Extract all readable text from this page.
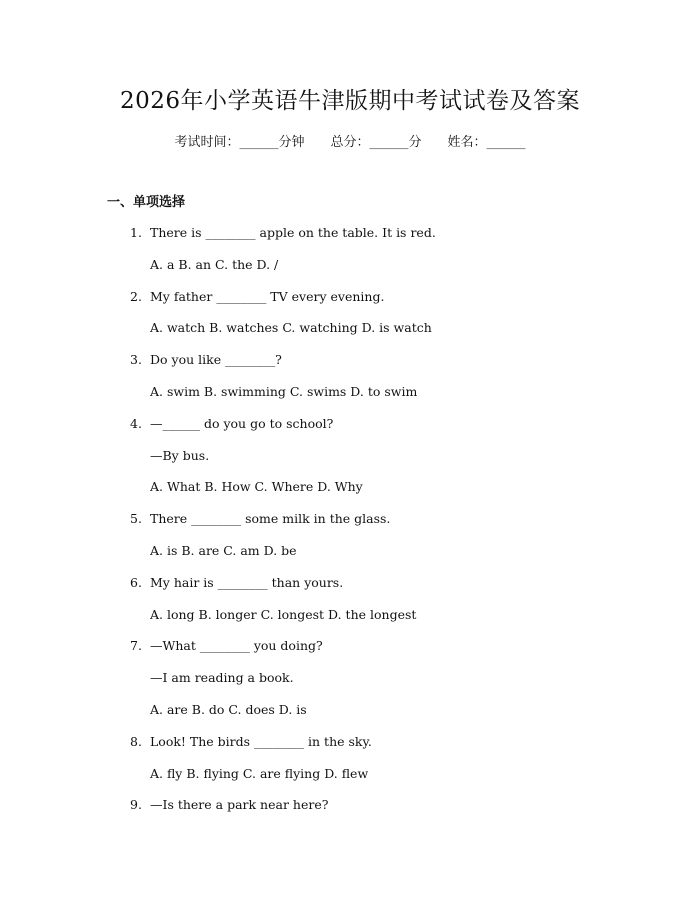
2026年小学英语牛津版期中考试试卷及答案
考试时间：______分钟 总分：______分 姓名：______
一、单项选择
1. There is ________ apple on the table. It is red.
A. a B. an C. the D. /
2. My father ________ TV every evening.
A. watch B. watches C. watching D. is watch
3. Do you like ________?
A. swim B. swimming C. swims D. to swim
4. —______ do you go to school?
—By bus.
A. What B. How C. Where D. Why
5. There ________ some milk in the glass.
A. is B. are C. am D. be
6. My hair is ________ than yours.
A. long B. longer C. longest D. the longest
7. —What ________ you doing?
—I am reading a book.
A. are B. do C. does D. is
8. Look! The birds ________ in the sky.
A. fly B. flying C. are flying D. flew
9. —Is there a park near here?
